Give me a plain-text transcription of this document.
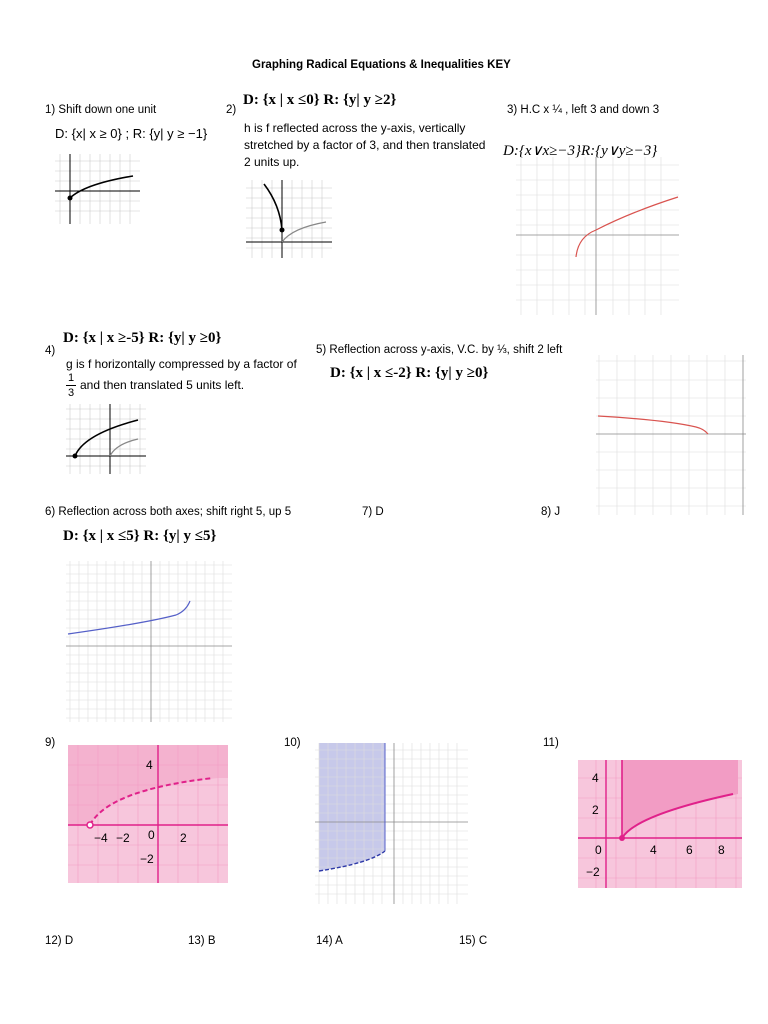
Graphing Radical Equations & Inequalities KEY
1) Shift down one unit
D: {x| x ≥ 0} ; R: {y| y ≥ −1}
2)
D: {x | x ≤0} R: {y| y ≥2}
h is f reflected across the y-axis, vertically stretched by a factor of 3, and then translated 2 units up.
3) H.C x ¼ , left 3 and down 3
D:{x∨x≥−3}R:{y∨y≥−3}
4)
D: {x | x ≥-5} R: {y| y ≥0}
g is f horizontally compressed by a factor of
1
3
and then translated 5 units left.
5) Reflection across y-axis, V.C. by ⅓, shift 2 left
D: {x | x ≤-2} R: {y| y ≥0}
6) Reflection across both axes; shift right 5, up 5
D: {x | x ≤5} R: {y| y ≤5}
7) D	8) J
9)
−4 −2 0 2
4
−2
10)	11)
4
2
0
−2
4 6 8
12) D	13) B	14) A	15) C
